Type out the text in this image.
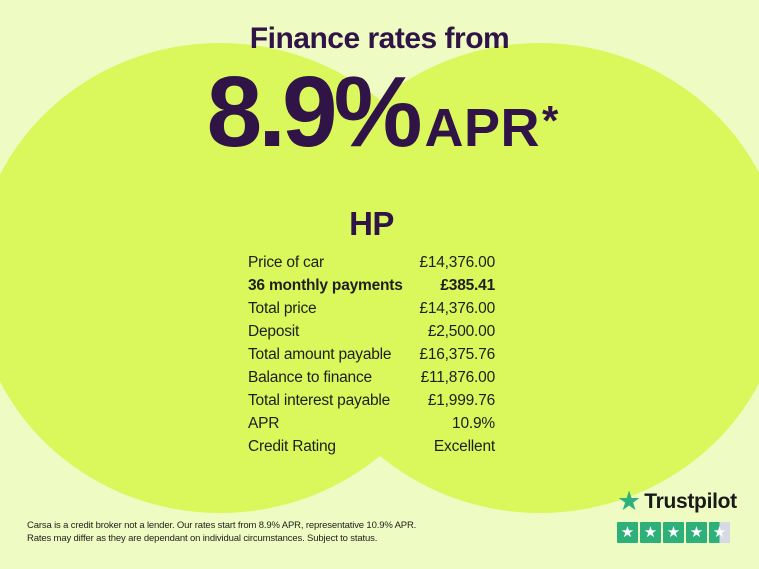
Finance rates from
8.9% APR *
HP
Price of car	£14,376.00
36 monthly payments £385.41
Total price	£14,376.00
Deposit	£2,500.00
Total amount payable £16,375.76
Balance to finance	£11,876.00
Total interest payable £1,999.76
APR	10.9%
Credit Rating	Excellent
Carsa is a credit broker not a lender. Our rates start from 8.9% APR, representative 10.9% APR.
Rates may differ as they are dependant on individual circumstances. Subject to status.
★ Trustpilot
★ ★ ★ ★ ★
